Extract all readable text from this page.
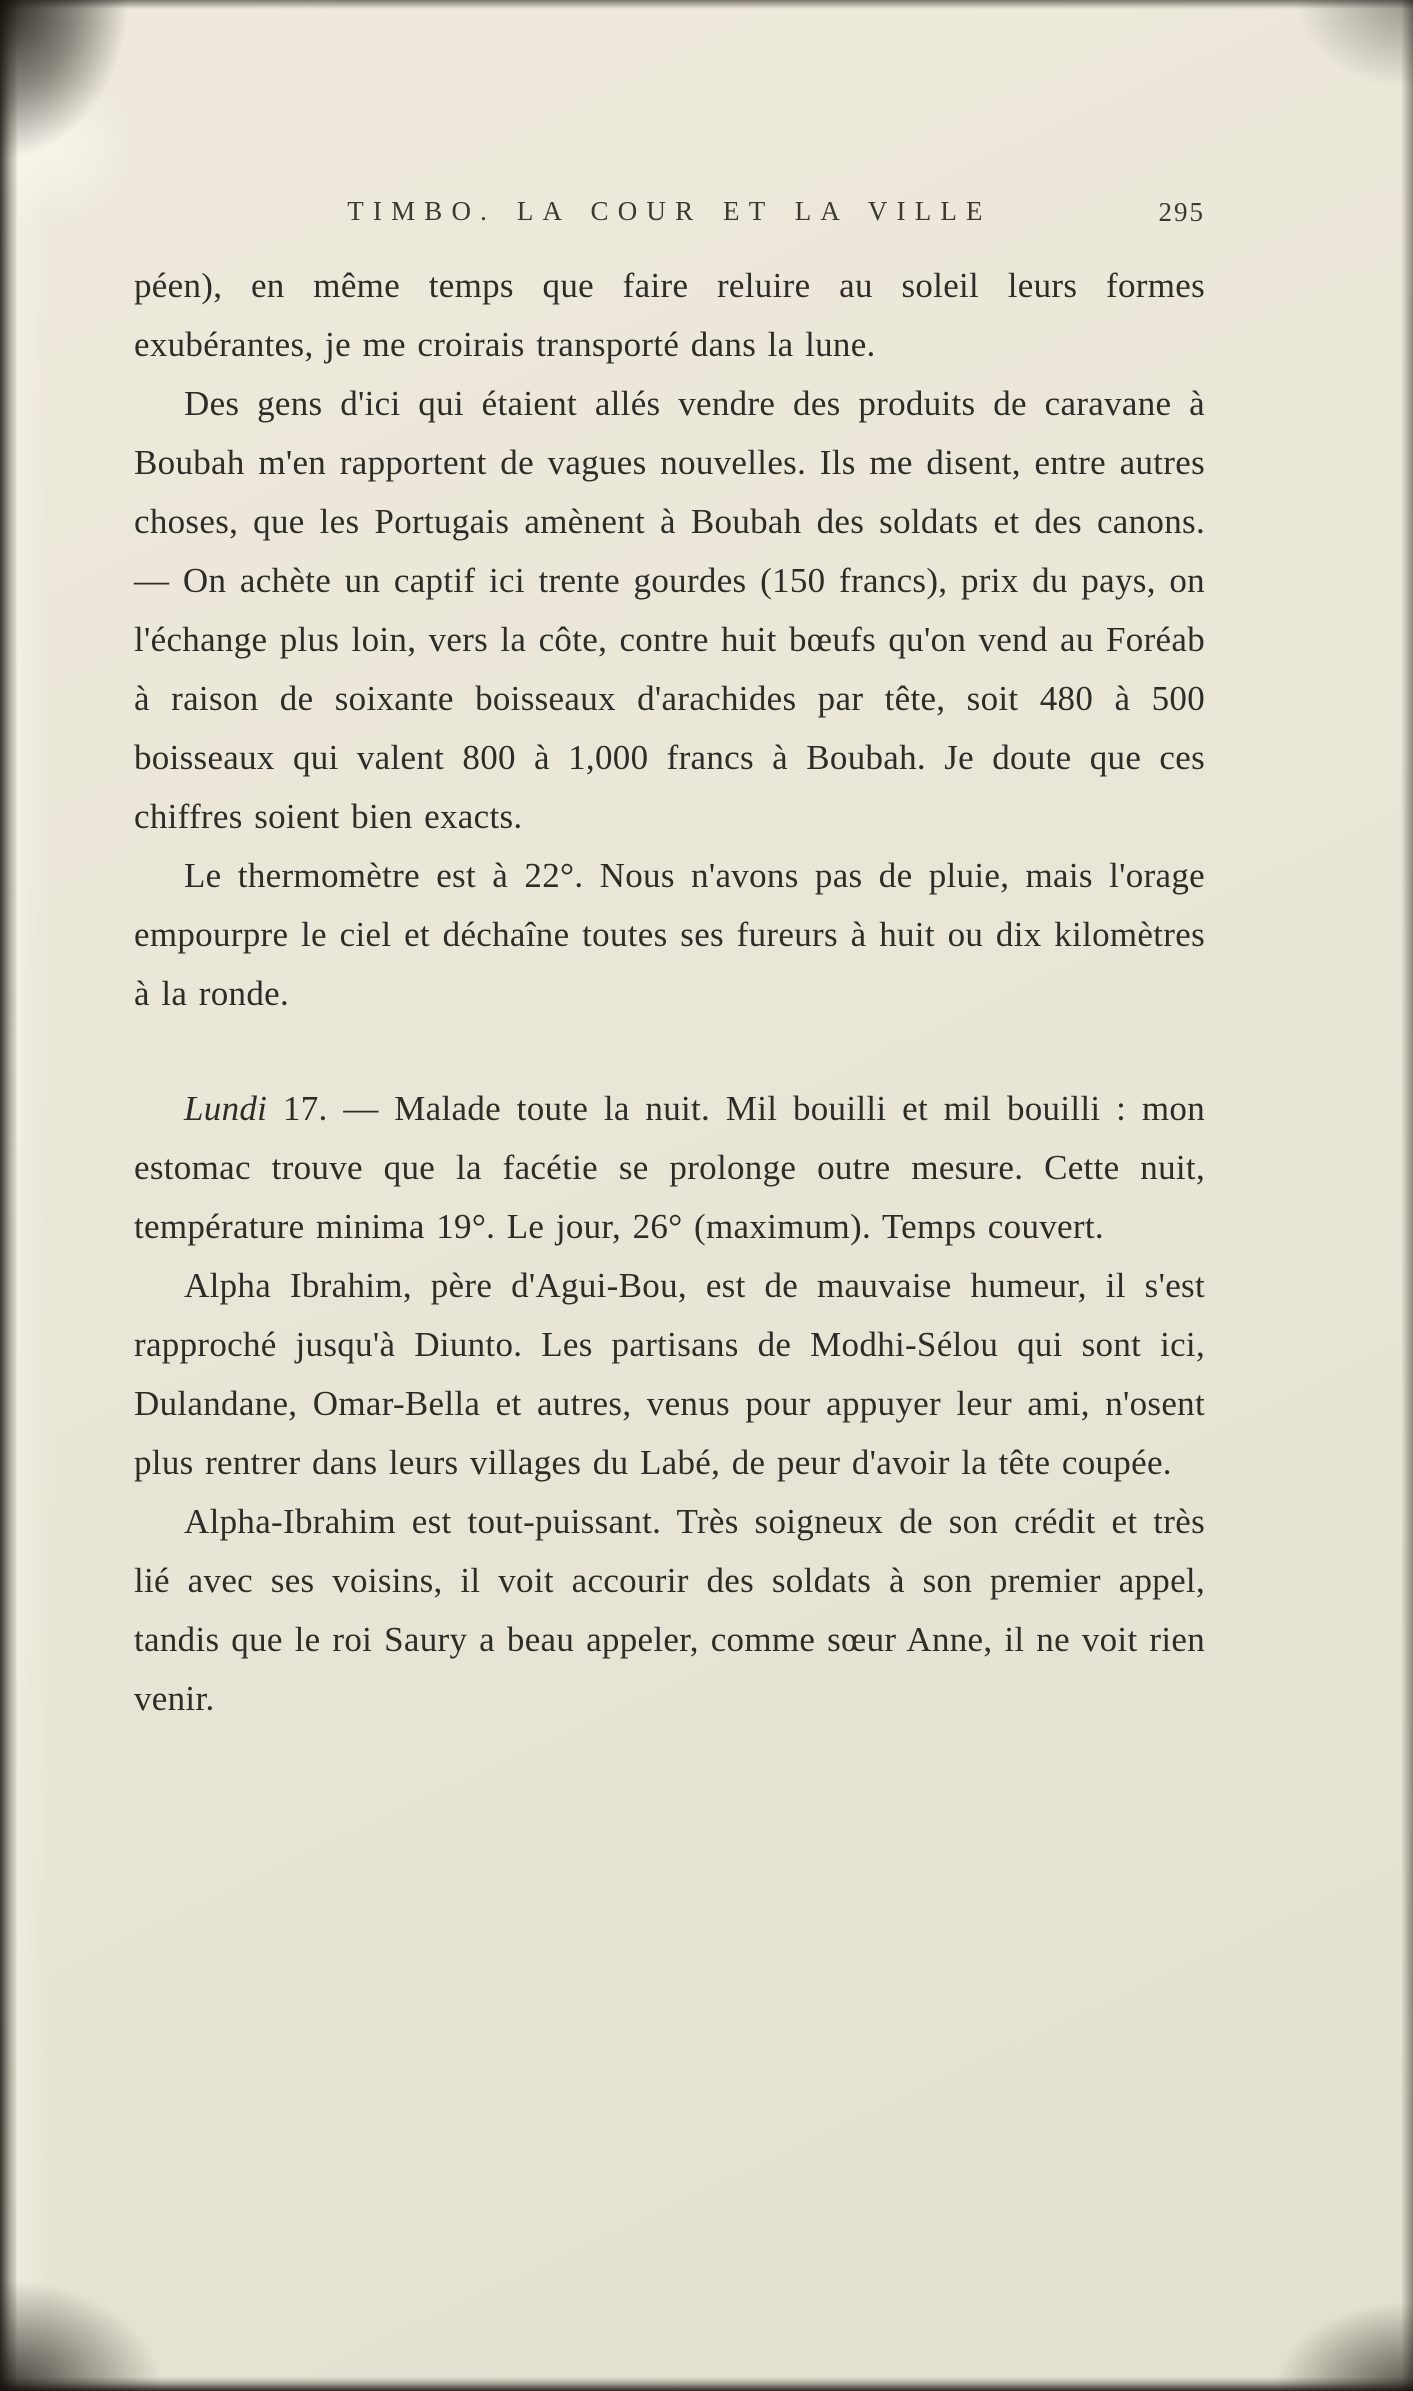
TIMBO. LA COUR ET LA VILLE	295

péen), en même temps que faire reluire au soleil leurs formes exubérantes, je me croirais transporté dans la lune.

Des gens d'ici qui étaient allés vendre des produits de caravane à Boubah m'en rapportent de vagues nouvelles. Ils me disent, entre autres choses, que les Portugais amènent à Boubah des soldats et des canons. — On achète un captif ici trente gourdes (150 francs), prix du pays, on l'échange plus loin, vers la côte, contre huit bœufs qu'on vend au Foréab à raison de soixante boisseaux d'arachides par tête, soit 480 à 500 boisseaux qui valent 800 à 1,000 francs à Boubah. Je doute que ces chiffres soient bien exacts.

Le thermomètre est à 22°. Nous n'avons pas de pluie, mais l'orage empourpre le ciel et déchaîne toutes ses fureurs à huit ou dix kilomètres à la ronde.

Lundi 17. — Malade toute la nuit. Mil bouilli et mil bouilli : mon estomac trouve que la facétie se prolonge outre mesure. Cette nuit, température minima 19°. Le jour, 26° (maximum). Temps couvert.

Alpha Ibrahim, père d'Agui-Bou, est de mauvaise humeur, il s'est rapproché jusqu'à Diunto. Les partisans de Modhi-Sélou qui sont ici, Dulandane, Omar-Bella et autres, venus pour appuyer leur ami, n'osent plus rentrer dans leurs villages du Labé, de peur d'avoir la tête coupée.

Alpha-Ibrahim est tout-puissant. Très soigneux de son crédit et très lié avec ses voisins, il voit accourir des soldats à son premier appel, tandis que le roi Saury a beau appeler, comme sœur Anne, il ne voit rien venir.
